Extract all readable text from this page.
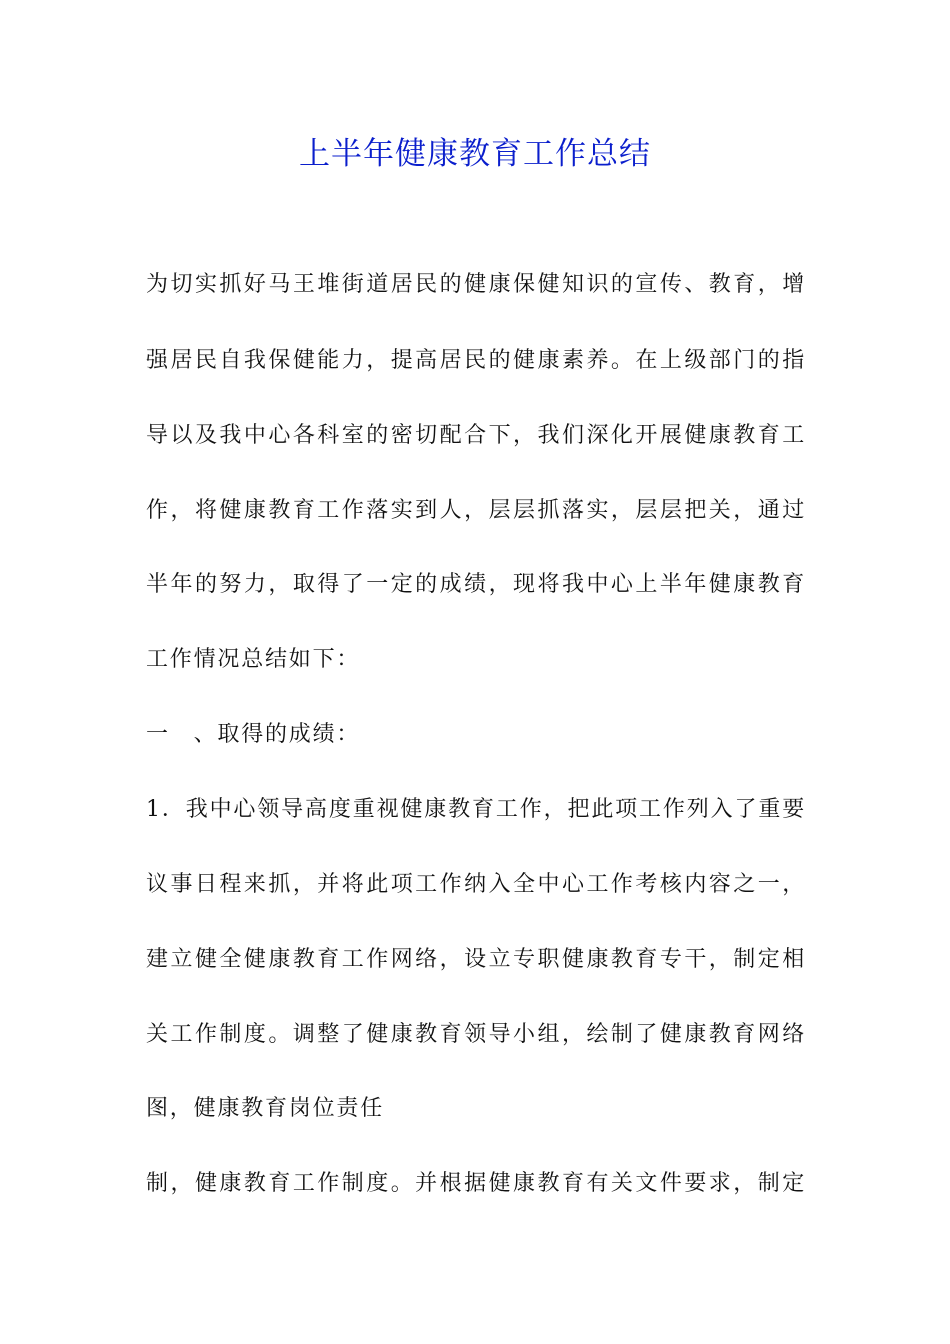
上半年健康教育工作总结
为切实抓好马王堆街道居民的健康保健知识的宣传、教育，增
强居民自我保健能力，提高居民的健康素养。在上级部门的指
导以及我中心各科室的密切配合下，我们深化开展健康教育工
作，将健康教育工作落实到人，层层抓落实，层层把关，通过
半年的努力，取得了一定的成绩，现将我中心上半年健康教育
工作情况总结如下：
一　、取得的成绩：
1．我中心领导高度重视健康教育工作，把此项工作列入了重要
议事日程来抓，并将此项工作纳入全中心工作考核内容之一，
建立健全健康教育工作网络，设立专职健康教育专干，制定相
关工作制度。调整了健康教育领导小组，绘制了健康教育网络
图，健康教育岗位责任
制，健康教育工作制度。并根据健康教育有关文件要求，制定
